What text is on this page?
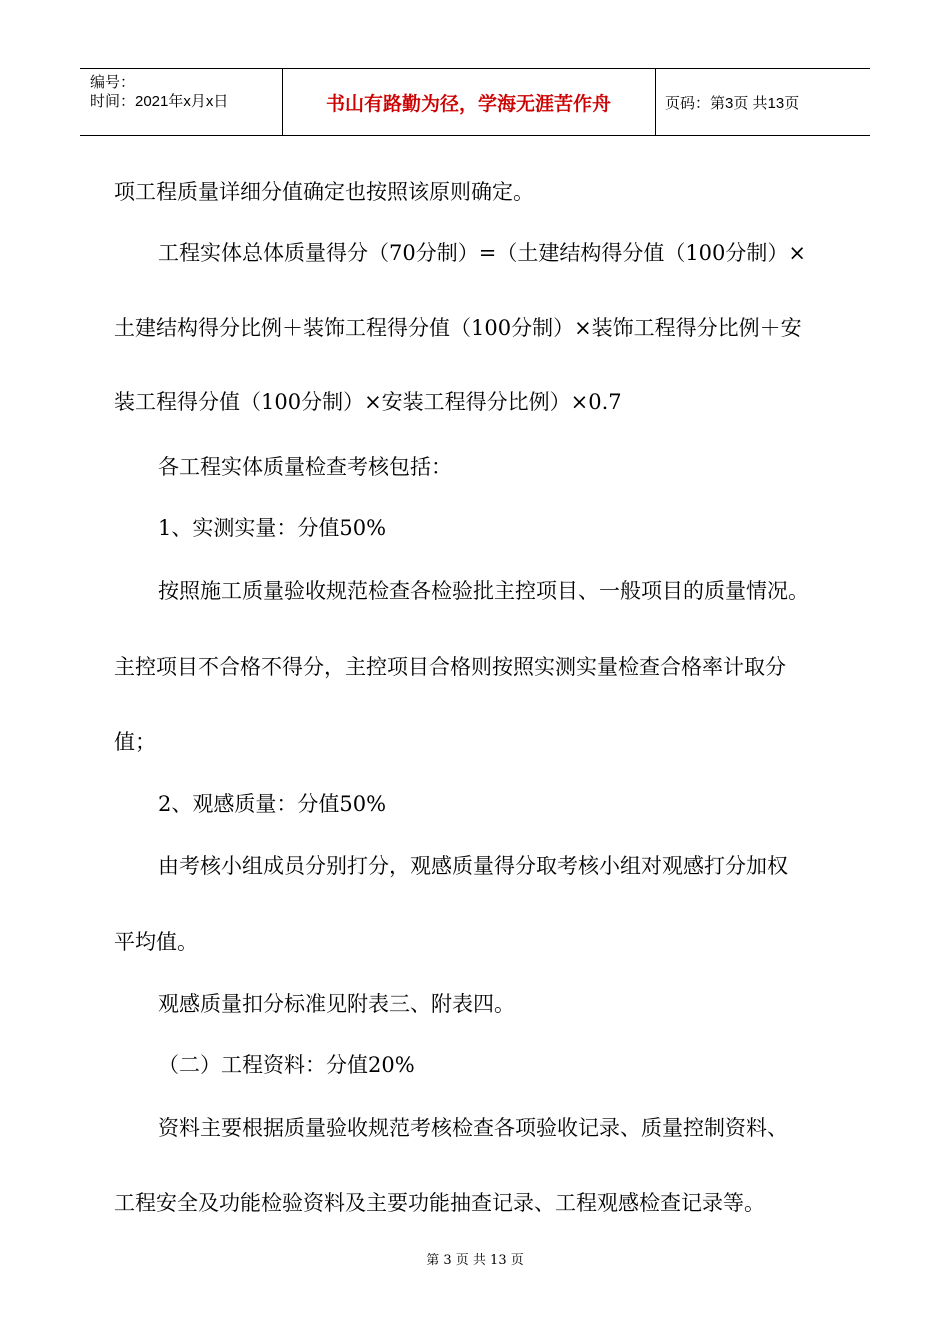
编号：
时间：2021年x月x日	书山有路勤为径，学海无涯苦作舟	页码：第3页 共13页
项工程质量详细分值确定也按照该原则确定。
工程实体总体质量得分（70分制）=（土建结构得分值（100分制）×
土建结构得分比例＋装饰工程得分值（100分制）×装饰工程得分比例＋安
装工程得分值（100分制）×安装工程得分比例）×0.7
各工程实体质量检查考核包括：
1、实测实量：分值50%
按照施工质量验收规范检查各检验批主控项目、一般项目的质量情况。
主控项目不合格不得分，主控项目合格则按照实测实量检查合格率计取分
值；
2、观感质量：分值50%
由考核小组成员分别打分，观感质量得分取考核小组对观感打分加权
平均值。
观感质量扣分标准见附表三、附表四。
（二）工程资料：分值20%
资料主要根据质量验收规范考核检查各项验收记录、质量控制资料、
工程安全及功能检验资料及主要功能抽查记录、工程观感检查记录等。
第 3 页 共 13 页
